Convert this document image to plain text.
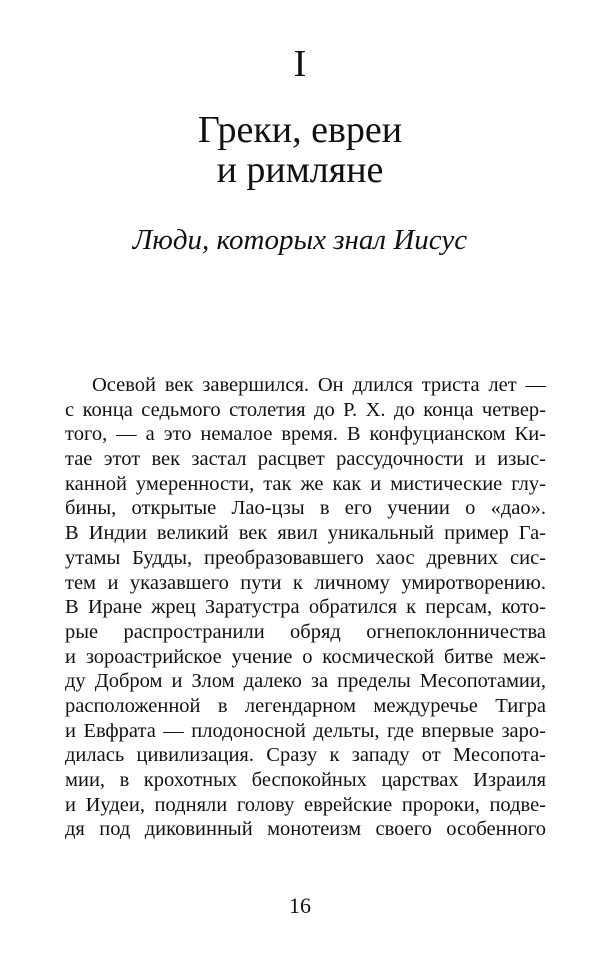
I
Греки, евреи
и римляне
Люди, которых знал Иисус
Осевой век завершился. Он длился триста лет —
с конца седьмого столетия до Р. Х. до конца четвер-
того, — а это немалое время. В конфуцианском Ки-
тае этот век застал расцвет рассудочности и изыс-
канной умеренности, так же как и мистические глу-
бины, открытые Лао-цзы в его учении о «дао».
В Индии великий век явил уникальный пример Га-
утамы Будды, преобразовавшего хаос древних сис-
тем и указавшего пути к личному умиротворению.
В Иране жрец Заратустра обратился к персам, кото-
рые распространили обряд огнепоклонничества
и зороастрийское учение о космической битве меж-
ду Добром и Злом далеко за пределы Месопотамии,
расположенной в легендарном междуречье Тигра
и Евфрата — плодоносной дельты, где впервые заро-
дилась цивилизация. Сразу к западу от Месопота-
мии, в крохотных беспокойных царствах Израиля
и Иудеи, подняли голову еврейские пророки, подве-
дя под диковинный монотеизм своего особенного
16
